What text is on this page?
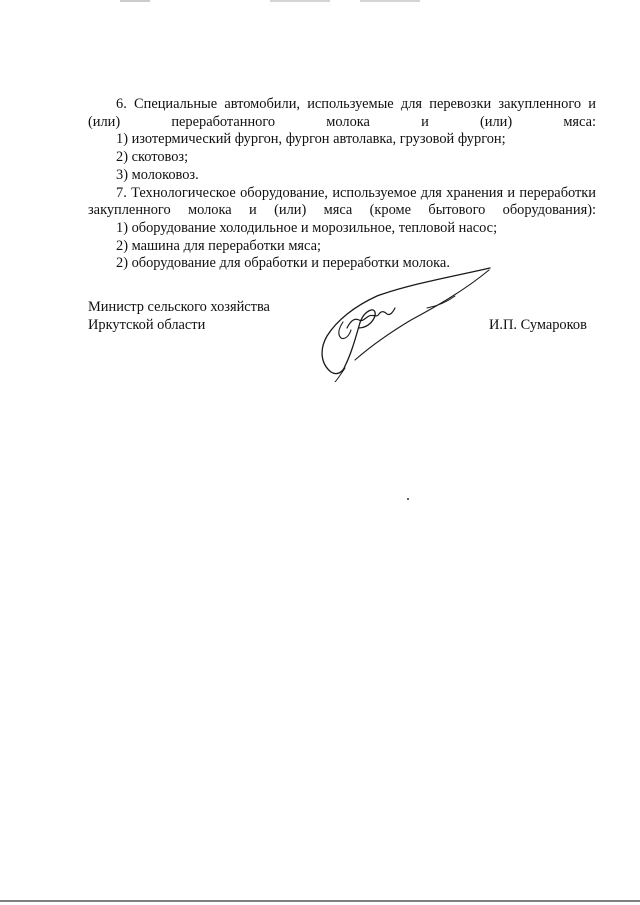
6. Специальные автомобили, используемые для перевозки закупленного и (или) переработанного молока и (или) мяса:

1) изотермический фургон, фургон автолавка, грузовой фургон;

2) скотовоз;

3) молоковоз.

7. Технологическое оборудование, используемое для хранения и переработки закупленного молока и (или) мяса (кроме бытового оборудования):

1) оборудование холодильное и морозильное, тепловой насос;

2) машина для переработки мяса;

2) оборудование для обработки и переработки молока.

Министр сельского хозяйства

Иркутской области	И.П. Сумароков
